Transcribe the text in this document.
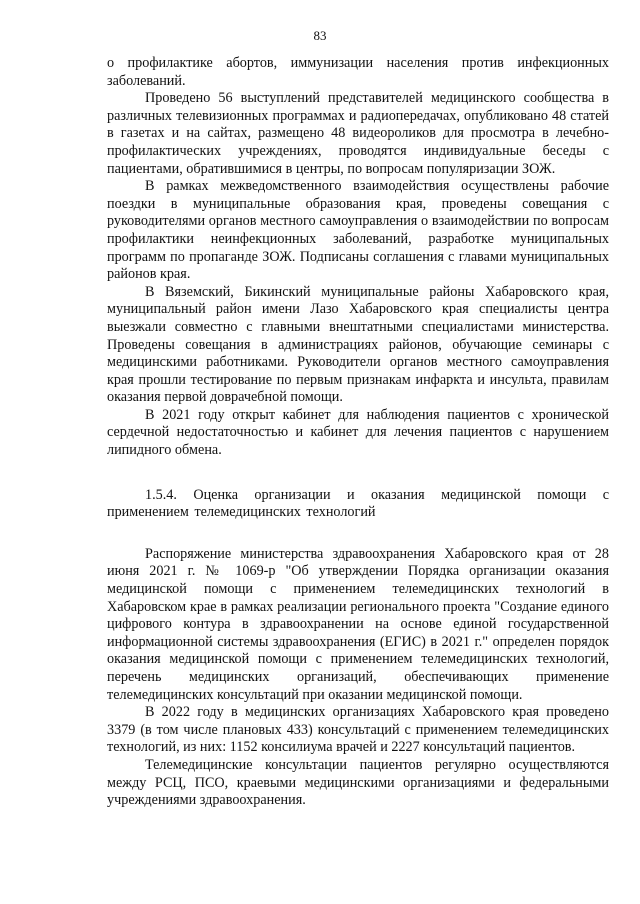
83

о профилактике абортов, иммунизации населения против инфекционных заболеваний.

Проведено 56 выступлений представителей медицинского сообщества в различных телевизионных программах и радиопередачах, опубликовано 48 статей в газетах и на сайтах, размещено 48 видеороликов для просмотра в лечебно-профилактических учреждениях, проводятся индивидуальные беседы с пациентами, обратившимися в центры, по вопросам популяризации ЗОЖ.

В рамках межведомственного взаимодействия осуществлены рабочие поездки в муниципальные образования края, проведены совещания с руководителями органов местного самоуправления о взаимодействии по вопросам профилактики неинфекционных заболеваний, разработке муниципальных программ по пропаганде ЗОЖ. Подписаны соглашения с главами муниципальных районов края.

В Вяземский, Бикинский муниципальные районы Хабаровского края, муниципальный район имени Лазо Хабаровского края специалисты центра выезжали совместно с главными внештатными специалистами министерства. Проведены совещания в администрациях районов, обучающие семинары с медицинскими работниками. Руководители органов местного самоуправления края прошли тестирование по первым признакам инфаркта и инсульта, правилам оказания первой доврачебной помощи.

В 2021 году открыт кабинет для наблюдения пациентов с хронической сердечной недостаточностью и кабинет для лечения пациентов с нарушением липидного обмена.

1.5.4. Оценка организации и оказания медицинской помощи с применением телемедицинских технологий

Распоряжение министерства здравоохранения Хабаровского края от 28 июня 2021 г. № 1069-р "Об утверждении Порядка организации оказания медицинской помощи с применением телемедицинских технологий в Хабаровском крае в рамках реализации регионального проекта "Создание единого цифрового контура в здравоохранении на основе единой государственной информационной системы здравоохранения (ЕГИС) в 2021 г." определен порядок оказания медицинской помощи с применением телемедицинских технологий, перечень медицинских организаций, обеспечивающих применение телемедицинских консультаций при оказании медицинской помощи.

В 2022 году в медицинских организациях Хабаровского края проведено 3379 (в том числе плановых 433) консультаций с применением телемедицинских технологий, из них: 1152 консилиума врачей и 2227 консультаций пациентов.

Телемедицинские консультации пациентов регулярно осуществляются между РСЦ, ПСО, краевыми медицинскими организациями и федеральными учреждениями здравоохранения.
